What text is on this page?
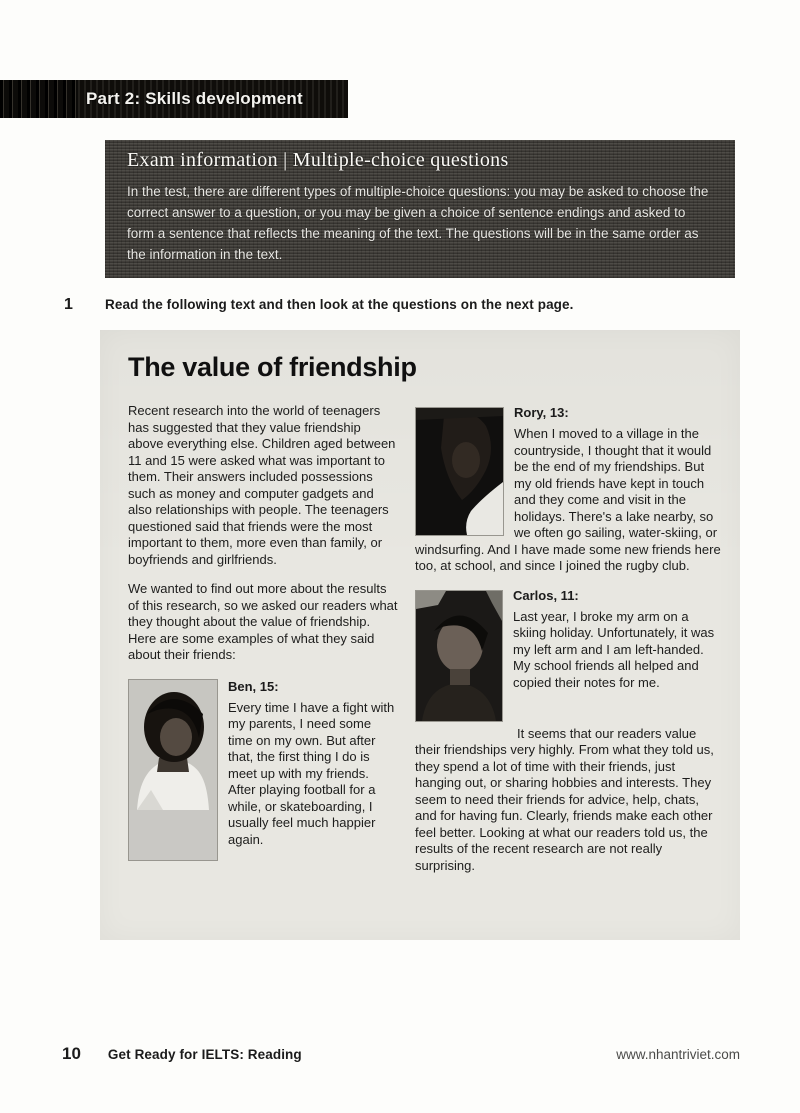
Part 2: Skills development
Exam information | Multiple-choice questions
In the test, there are different types of multiple-choice questions: you may be asked to choose the correct answer to a question, or you may be given a choice of sentence endings and asked to form a sentence that reflects the meaning of the text. The questions will be in the same order as the information in the text.
1	Read the following text and then look at the questions on the next page.
The value of friendship

Recent research into the world of teenagers has suggested that they value friendship above everything else. Children aged between 11 and 15 were asked what was important to them. Their answers included possessions such as money and computer gadgets and also relationships with people. The teenagers questioned said that friends were the most important to them, more even than family, or boyfriends and girlfriends.

We wanted to find out more about the results of this research, so we asked our readers what they thought about the value of friendship. Here are some examples of what they said about their friends:

Ben, 15:

Every time I have a fight with my parents, I need some time on my own. But after that, the first thing I do is meet up with my friends. After playing football for a while, or skateboarding, I usually feel much happier again.

Rory, 13:

When I moved to a village in the countryside, I thought that it would be the end of my friendships. But my old friends have kept in touch and they come and visit in the holidays. There's a lake nearby, so we often go sailing, water-skiing, or windsurfing. And I have made some new friends here too, at school, and since I joined the rugby club.

Carlos, 11:

Last year, I broke my arm on a skiing holiday. Unfortunately, it was my left arm and I am left-handed. My school friends all helped and copied their notes for me.

It seems that our readers value their friendships very highly. From what they told us, they spend a lot of time with their friends, just hanging out, or sharing hobbies and interests. They seem to need their friends for advice, help, chats, and for having fun. Clearly, friends make each other feel better. Looking at what our readers told us, the results of the recent research are not really surprising.

10 Get Ready for IELTS: Reading	www.nhantriviet.com
